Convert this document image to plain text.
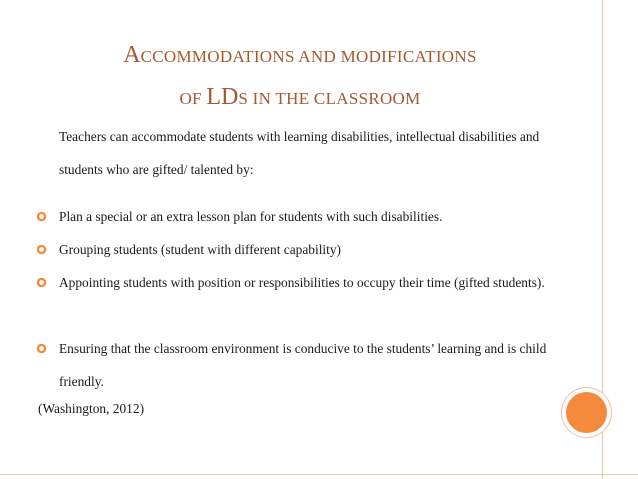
ACCOMMODATIONS AND MODIFICATIONS
OF LDS IN THE CLASSROOM

Teachers can accommodate students with learning disabilities, intellectual disabilities and students who are gifted/ talented by:

Plan a special or an extra lesson plan for students with such disabilities.
Grouping students (student with different capability)
Appointing students with position or responsibilities to occupy their time (gifted students).
Ensuring that the classroom environment is conducive to the students’ learning and is child friendly.
(Washington, 2012)
